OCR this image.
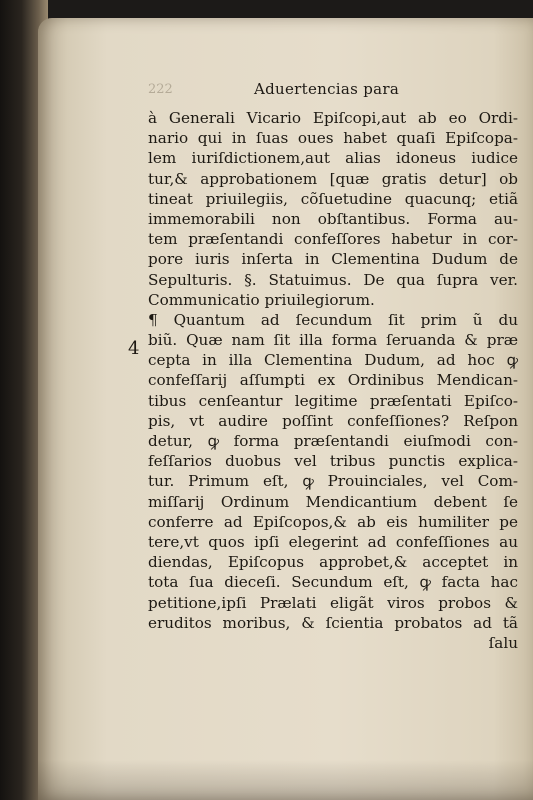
222	Aduertencias para
4
à Generali Vicario Epiſcopi,aut ab eo Ordi-
nario qui in ſuas oues habet quaſi Epiſcopa-
lem iuriſdictionem,aut alias idoneus iudice
tur,& approbationem [quæ gratis detur] ob
tineat priuilegiis, cõſuetudine quacunq; etiã
immemorabili non obſtantibus. Forma au-
tem præſentandi confeſſores habetur in cor-
pore iuris inſerta in Clementina Dudum de
Sepulturis. §. Statuimus. De qua ſupra ver.
Communicatio priuilegiorum.
¶ Quantum ad ſecundum ſit prim ũ du
biũ. Quæ nam ſit illa forma ſeruanda & præ
cepta in illa Clementina Dudum, ad hoc ꝙ
confeſſarij aſſumpti ex Ordinibus Mendican-
tibus cenſeantur legitime præſentati Epiſco-
pis, vt audire poſſint confeſſiones? Reſpon
detur, ꝙ forma præſentandi eiuſmodi con-
feſſarios duobus vel tribus punctis explica-
tur. Primum eſt, ꝙ Prouinciales, vel Com-
miſſarij Ordinum Mendicantium debent ſe
conferre ad Epiſcopos,& ab eis humiliter pe
tere,vt quos ipſi elegerint ad confeſſiones au
diendas, Epiſcopus approbet,& acceptet in
tota ſua dieceſi. Secundum eſt, ꝙ facta hac
petitione,ipſi Prælati eligãt viros probos &
eruditos moribus, & ſcientia probatos ad tã
ſalu
